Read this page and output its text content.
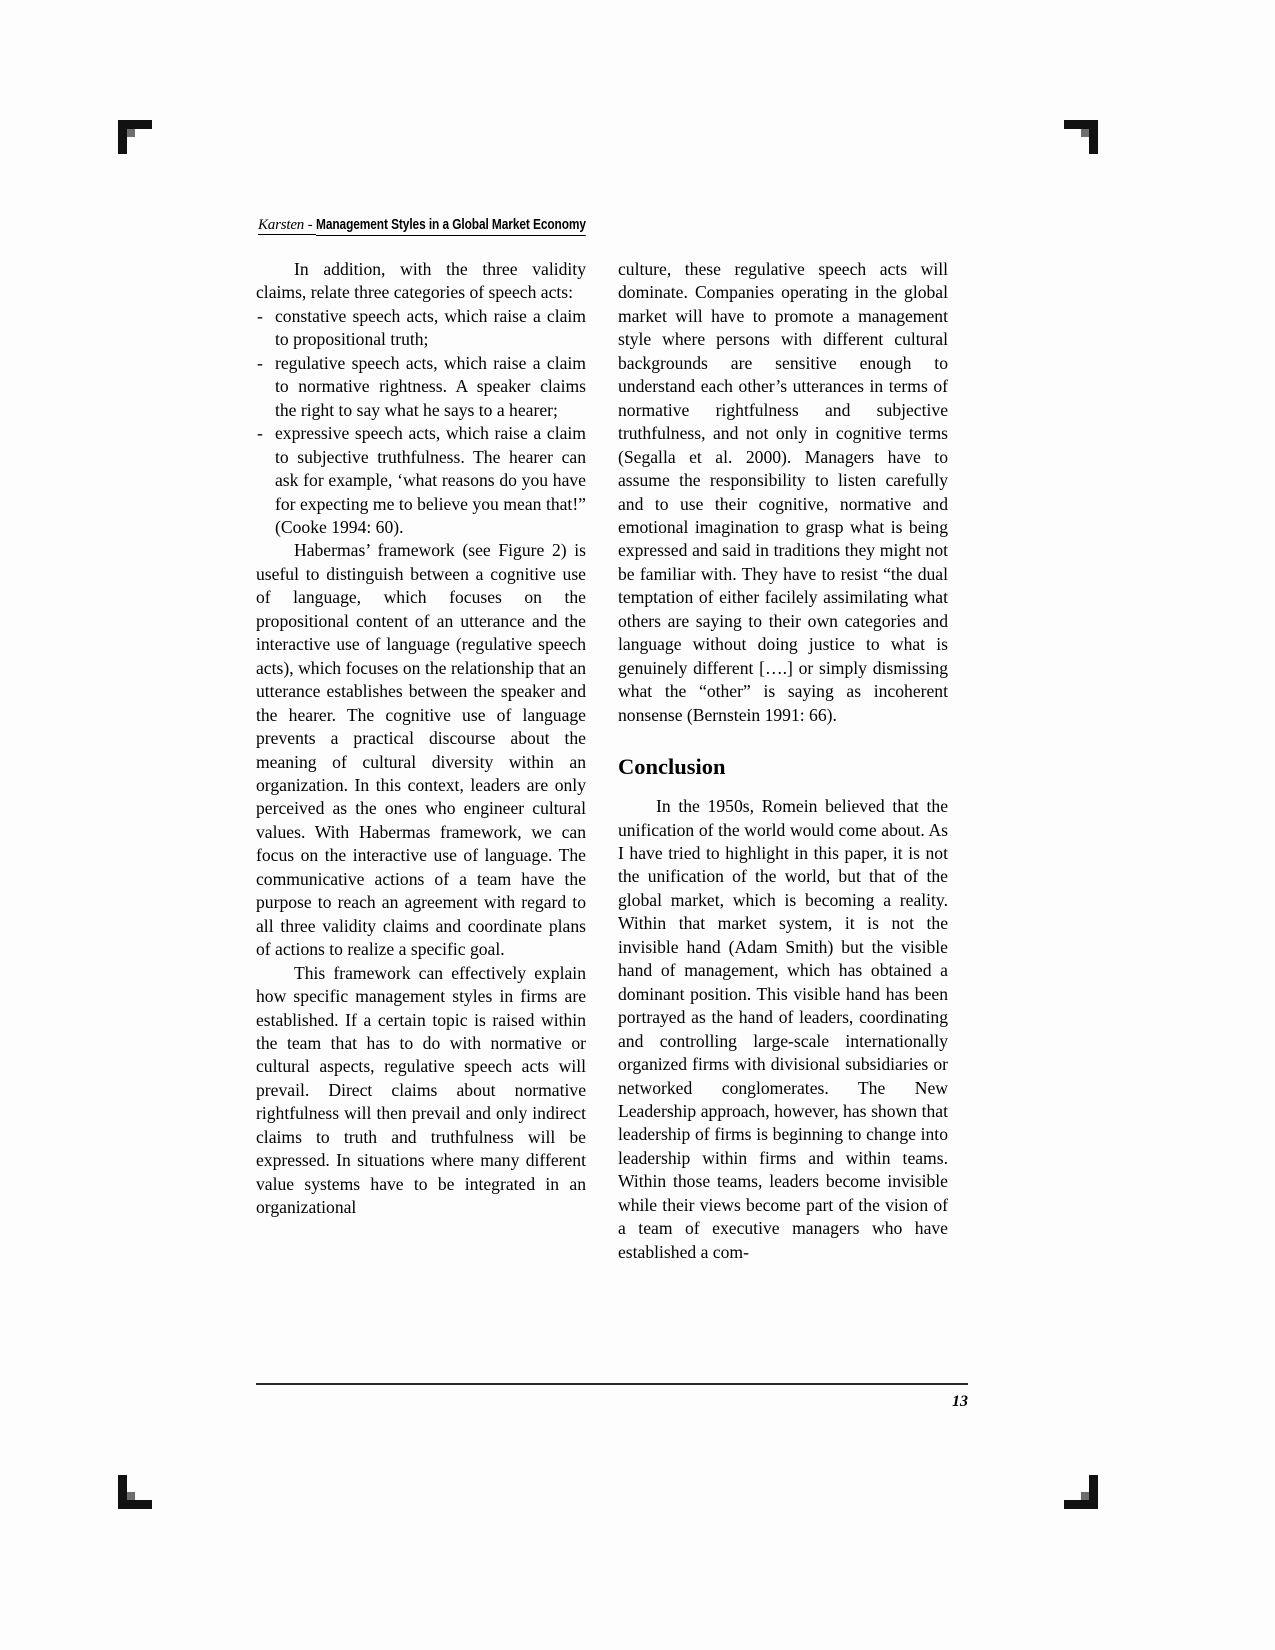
Karsten - Management Styles in a Global Market Economy

In addition, with the three validity claims, relate three categories of speech acts:

- constative speech acts, which raise a claim to propositional truth;
- regulative speech acts, which raise a claim to normative rightness. A speaker claims the right to say what he says to a hearer;
- expressive speech acts, which raise a claim to subjective truthfulness. The hearer can ask for example, ‘what reasons do you have for expecting me to believe you mean that!” (Cooke 1994: 60).

Habermas’ framework (see Figure 2) is useful to distinguish between a cognitive use of language, which focuses on the propositional content of an utterance and the interactive use of language (regulative speech acts), which focuses on the relationship that an utterance establishes between the speaker and the hearer. The cognitive use of language prevents a practical discourse about the meaning of cultural diversity within an organization. In this context, leaders are only perceived as the ones who engineer cultural values. With Habermas framework, we can focus on the interactive use of language. The communicative actions of a team have the purpose to reach an agreement with regard to all three validity claims and coordinate plans of actions to realize a specific goal.

This framework can effectively explain how specific management styles in firms are established. If a certain topic is raised within the team that has to do with normative or cultural aspects, regulative speech acts will prevail. Direct claims about normative rightfulness will then prevail and only indirect claims to truth and truthfulness will be expressed. In situations where many different value systems have to be integrated in an organizational

culture, these regulative speech acts will dominate. Companies operating in the global market will have to promote a management style where persons with different cultural backgrounds are sensitive enough to understand each other’s utterances in terms of normative rightfulness and subjective truthfulness, and not only in cognitive terms (Segalla et al. 2000). Managers have to assume the responsibility to listen carefully and to use their cognitive, normative and emotional imagination to grasp what is being expressed and said in traditions they might not be familiar with. They have to resist “the dual temptation of either facilely assimilating what others are saying to their own categories and language without doing justice to what is genuinely different [….] or simply dismissing what the “other” is saying as incoherent nonsense (Bernstein 1991: 66).

Conclusion

In the 1950s, Romein believed that the unification of the world would come about. As I have tried to highlight in this paper, it is not the unification of the world, but that of the global market, which is becoming a reality. Within that market system, it is not the invisible hand (Adam Smith) but the visible hand of management, which has obtained a dominant position. This visible hand has been portrayed as the hand of leaders, coordinating and controlling large-scale internationally organized firms with divisional subsidiaries or networked conglomerates. The New Leadership approach, however, has shown that leadership of firms is beginning to change into leadership within firms and within teams. Within those teams, leaders become invisible while their views become part of the vision of a team of executive managers who have established a com-

13
